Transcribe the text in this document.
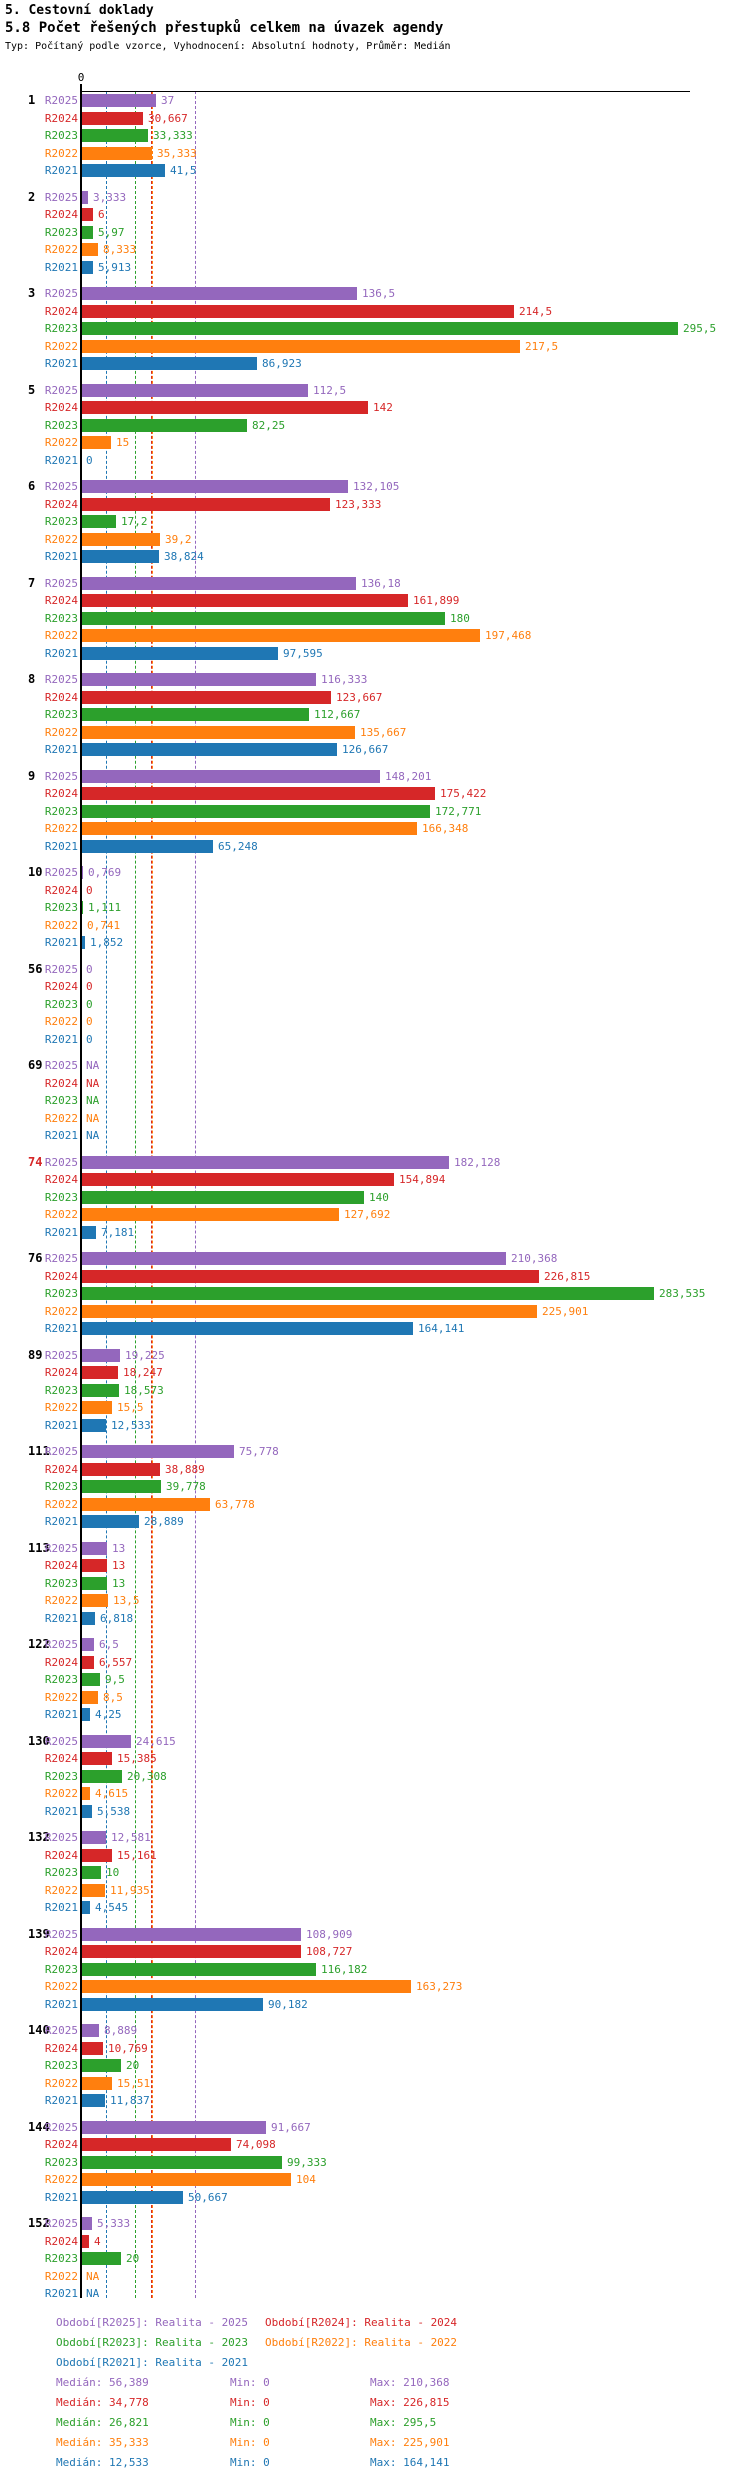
5. Cestovní doklady
5.8 Počet řešených přestupků celkem na úvazek agendy
Typ: Počítaný podle vzorce, Vyhodnocení: Absolutní hodnoty, Průměr: Medián
0
1 R2025	37
R2024	30,667
R2023	33,333
R2022	35,333
R2021	41,5
2 R2025 3,333
R2024 6
R2023 5,97
R2022 8,333
R2021 5,913
3 R2025	136,5
R2024	214,5
R2023	295,5
R2022	217,5
R2021	86,923
5 R2025	112,5
R2024	142
R2023	82,25
R2022	15
R2021 0
6 R2025	132,105
R2024	123,333
R2023	17,2
R2022	39,2
R2021	38,824
7 R2025	136,18
R2024	161,899
R2023	180
R2022	197,468
R2021	97,595
8 R2025	116,333
R2024	123,667
R2023	112,667
R2022	135,667
R2021	126,667
9 R2025	148,201
R2024	175,422
R2023	172,771
R2022	166,348
R2021	65,248
10 R2025 0,769
R2024 0
R2023 1,111
R2022 0,741
R2021 1,852
56 R2025 0
R2024 0
R2023 0
R2022 0
R2021 0
69 R2025 NA
R2024 NA
R2023 NA
R2022 NA
R2021 NA
74 R2025	182,128
R2024	154,894
R2023	140
R2022	127,692
R2021 7,181
76 R2025	210,368
R2024	226,815
R2023	283,535
R2022	225,901
R2021	164,141
89 R2025	19,225
R2024	18,247
R2023	18,573
R2022	15,5
R2021	12,533
111
R2025	75,778
R2024	38,889
R2023	39,778
R2022	63,778
R2021	28,889
113
R2025	13
R2024	13
R2023	13
R2022	13,5
R2021 6,818
122
R2025 6,5
R2024 6,557
R2023 9,5
R2022 8,5
R2021 4,25
130
R2025	24,615
R2024	15,385
R2023	20,308
R2022 4,615
R2021 5,538
132
R2025	12,581
R2024	15,161
R2023	10
R2022	11,935
R2021 4,545
139
R2025	108,909
R2024	108,727
R2023	116,182
R2022	163,273
R2021	90,182
140
R2025 8,889
R2024	10,769
R2023	20
R2022	15,51
R2021	11,837
144
R2025	91,667
R2024	74,098
R2023	99,333
R2022	104
R2021	50,667
152
R2025 5,333
R2024 4
R2023	20
R2022 NA
R2021 NA
Období[R2025]: Realita - 2025 Období[R2024]: Realita - 2024
Období[R2023]: Realita - 2023 Období[R2022]: Realita - 2022
Období[R2021]: Realita - 2021
Medián: 56,389	Min: 0	Max: 210,368
Medián: 34,778	Min: 0	Max: 226,815
Medián: 26,821	Min: 0	Max: 295,5
Medián: 35,333	Min: 0	Max: 225,901
Medián: 12,533	Min: 0	Max: 164,141
